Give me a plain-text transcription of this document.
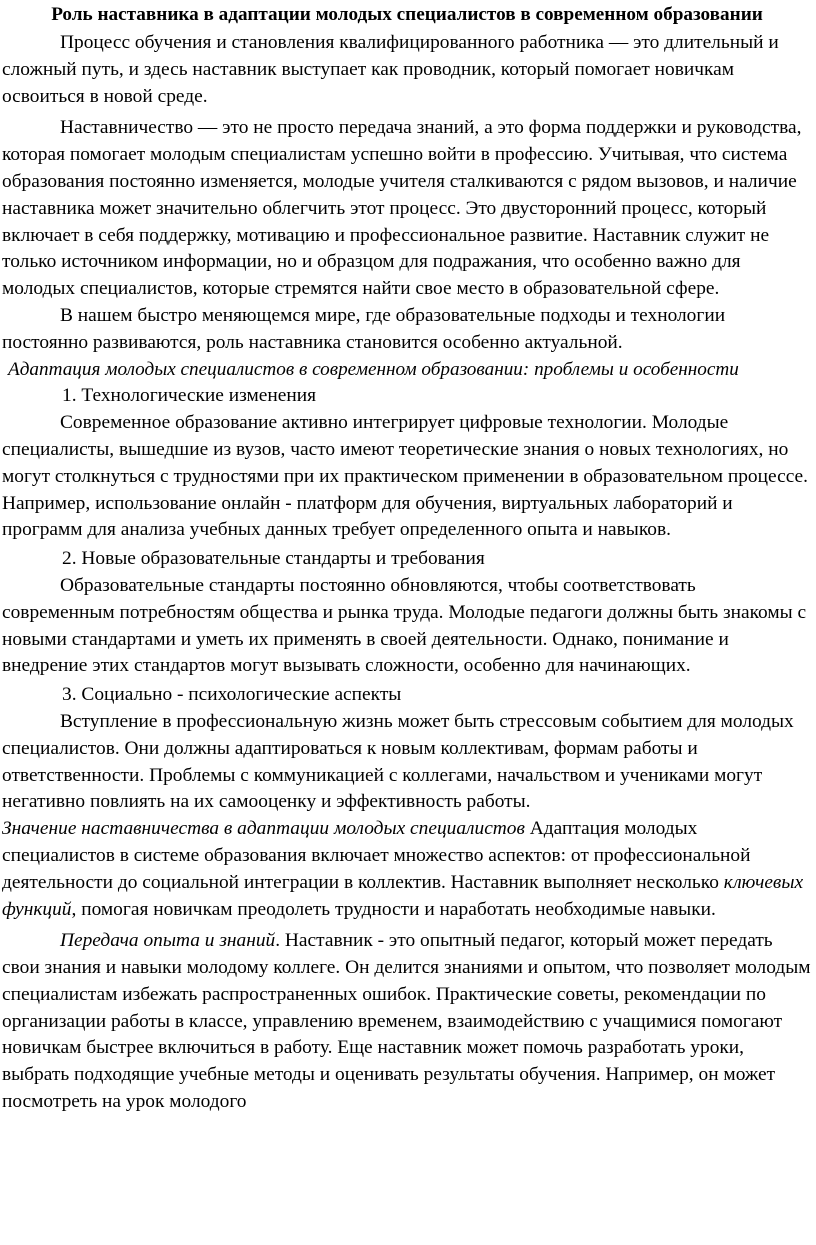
Роль наставника в адаптации молодых специалистов в современном образовании

Процесс обучения и становления квалифицированного работника — это длительный и сложный путь, и здесь наставник выступает как проводник, который помогает новичкам освоиться в новой среде.

Наставничество — это не просто передача знаний, а это форма поддержки и руководства, которая помогает молодым специалистам успешно войти в профессию. Учитывая, что система образования постоянно изменяется, молодые учителя сталкиваются с рядом вызовов, и наличие наставника может значительно облегчить этот процесс. Это двусторонний процесс, который включает в себя поддержку, мотивацию и профессиональное развитие. Наставник служит не только источником информации, но и образцом для подражания, что особенно важно для молодых специалистов, которые стремятся найти свое место в образовательной сфере.

В нашем быстро меняющемся мире, где образовательные подходы и технологии постоянно развиваются, роль наставника становится особенно актуальной.

Адаптация молодых специалистов в современном образовании: проблемы и особенности

1. Технологические изменения

Современное образование активно интегрирует цифровые технологии. Молодые специалисты, вышедшие из вузов, часто имеют теоретические знания о новых технологиях, но могут столкнуться с трудностями при их практическом применении в образовательном процессе. Например, использование онлайн - платформ для обучения, виртуальных лабораторий и программ для анализа учебных данных требует определенного опыта и навыков.

2. Новые образовательные стандарты и требования

Образовательные стандарты постоянно обновляются, чтобы соответствовать современным потребностям общества и рынка труда. Молодые педагоги должны быть знакомы с новыми стандартами и уметь их применять в своей деятельности. Однако, понимание и внедрение этих стандартов могут вызывать сложности, особенно для начинающих.

3. Социально - психологические аспекты

Вступление в профессиональную жизнь может быть стрессовым событием для молодых специалистов. Они должны адаптироваться к новым коллективам, формам работы и ответственности. Проблемы с коммуникацией с коллегами, начальством и учениками могут негативно повлиять на их самооценку и эффективность работы.

Значение наставничества в адаптации молодых специалистов Адаптация молодых специалистов в системе образования включает множество аспектов: от профессиональной деятельности до социальной интеграции в коллектив. Наставник выполняет несколько ключевых функций, помогая новичкам преодолеть трудности и наработать необходимые навыки.

Передача опыта и знаний. Наставник - это опытный педагог, который может передать свои знания и навыки молодому коллеге. Он делится знаниями и опытом, что позволяет молодым специалистам избежать распространенных ошибок. Практические советы, рекомендации по организации работы в классе, управлению временем, взаимодействию с учащимися помогают новичкам быстрее включиться в работу. Еще наставник может помочь разработать уроки, выбрать подходящие учебные методы и оценивать результаты обучения. Например, он может посмотреть на урок молодого
